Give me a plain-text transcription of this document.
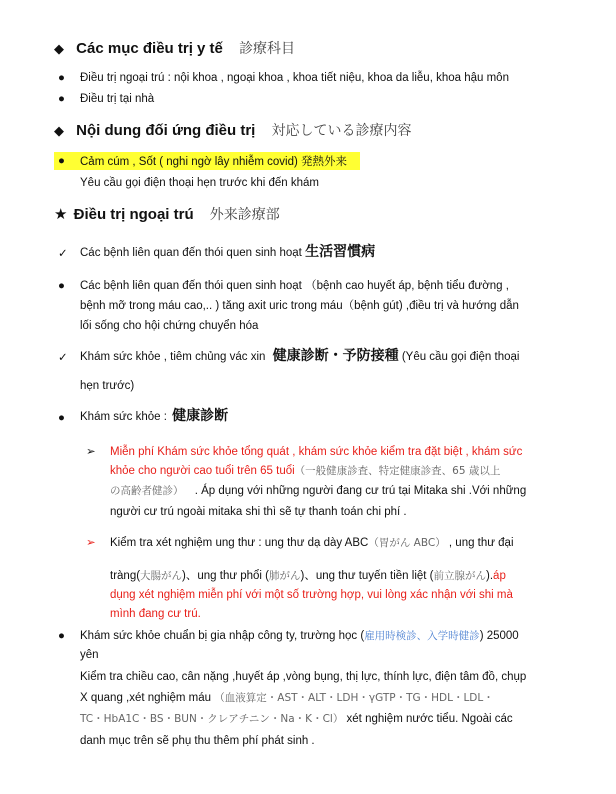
◆ Các mục điều trị y tế 診療科目
● Điều trị ngoại trú : nội khoa , ngoại khoa , khoa tiết niệu, khoa da liễu, khoa hậu môn
● Điều trị tại nhà
◆ Nội dung đối ứng điều trị 対応している診療内容
● Cảm cúm , Sốt ( nghi ngờ lây nhiễm covid) 発熱外来
Yêu cầu gọi điện thoại hẹn trước khi đến khám
★ Điều trị ngoại trú 外来診療部
✓ Các bệnh liên quan đến thói quen sinh hoạt 生活習慣病
● Các bệnh liên quan đến thói quen sinh hoạt （bệnh cao huyết áp, bệnh tiểu đường ,
bệnh mỡ trong máu cao,.. ) tăng axit uric trong máu（bệnh gút) ,điều trị và hướng dẫn
lối sống cho hội chứng chuyển hóa
✓ Khám sức khỏe , tiêm chủng vác xin 健康診断・予防接種 (Yêu cầu gọi điện thoại
hẹn trước)
● Khám sức khỏe : 健康診断
➢ Miễn phí Khám sức khỏe tổng quát , khám sức khỏe kiểm tra đặt biệt , khám sức
khỏe cho người cao tuổi trên 65 tuổi（一般健康診査、特定健康診査、65 歳以上
の高齢者健診） . Áp dụng với những người đang cư trú tại Mitaka shi .Với những
người cư trú ngoài mitaka shi thì sẽ tự thanh toán chi phí .
➢ Kiểm tra xét nghiệm ung thư : ung thư dạ dày ABC（胃がん ABC） , ung thư đại
tràng(大腸がん)、ung thư phổi (肺がん)、ung thư tuyến tiền liệt (前立腺がん).áp
dụng xét nghiệm miễn phí với một số trường hợp, vui lòng xác nhận với shi mà
mình đang cư trú.
● Khám sức khỏe chuẩn bị gia nhập công ty, trường học (雇用時検診、入学時健診) 25000
yên
Kiểm tra chiều cao, cân nặng ,huyết áp ,vòng bụng, thị lực, thính lực, điện tâm đồ, chụp
X quang ,xét nghiệm máu （血液算定・AST・ALT・LDH・γGTP・TG・HDL・LDL・
TC・HbA1C・BS・BUN・クレアチニン・Na・K・Cl） xét nghiệm nước tiểu. Ngoài các
danh mục trên sẽ phụ thu thêm phí phát sinh .
